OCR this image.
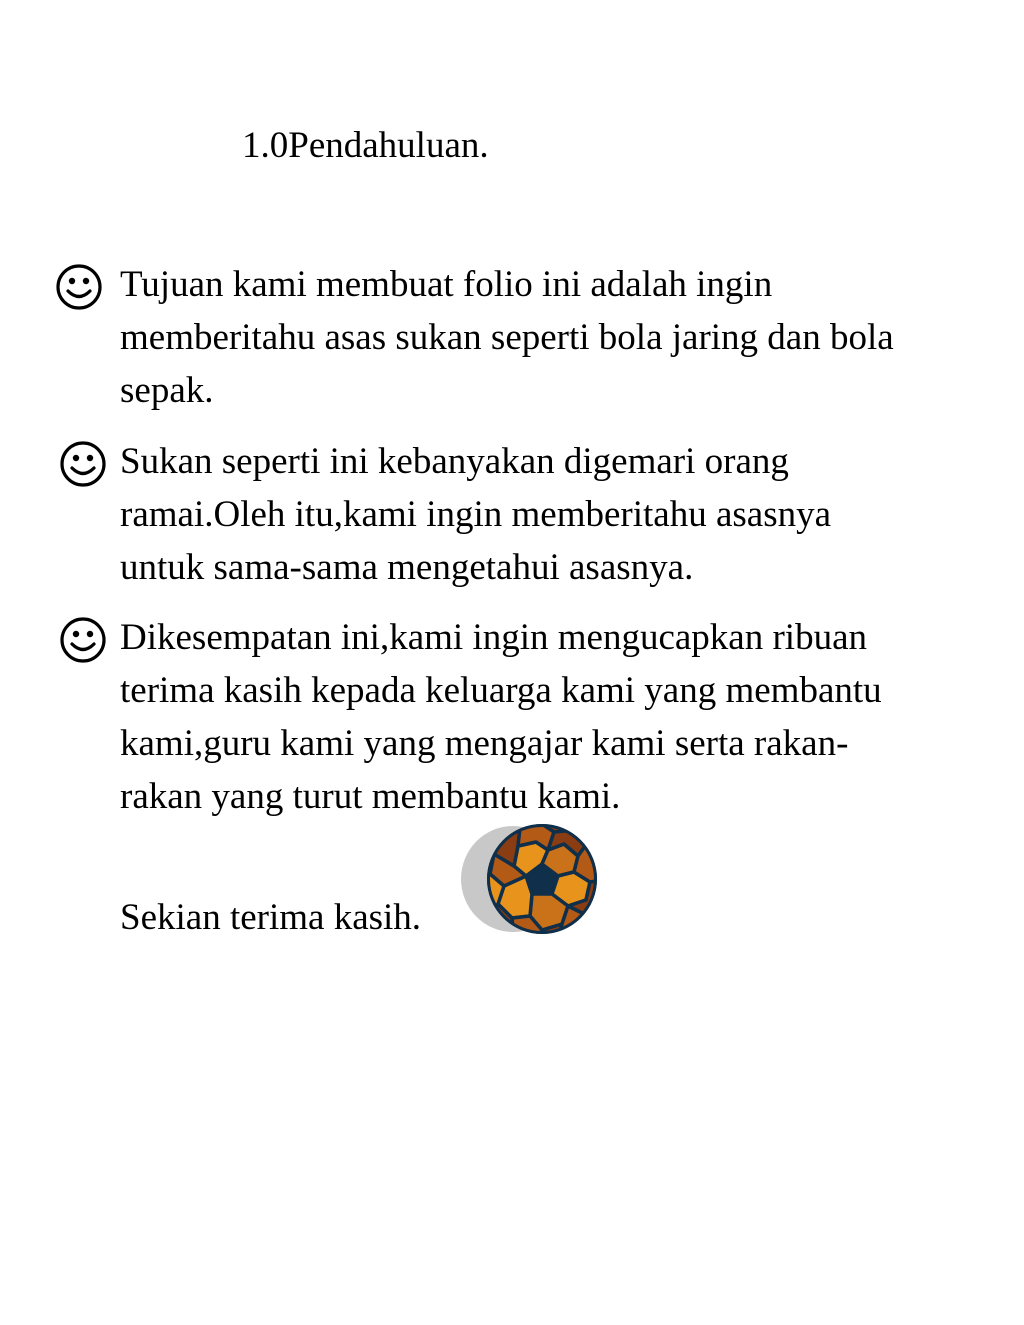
1.0Pendahuluan.
Tujuan kami membuat folio ini adalah ingin memberitahu asas sukan seperti bola jaring dan bola sepak.
Sukan seperti ini kebanyakan digemari orang ramai.Oleh itu,kami ingin memberitahu asasnya untuk sama-sama mengetahui asasnya.
Dikesempatan ini,kami ingin mengucapkan ribuan terima kasih kepada keluarga kami yang membantu kami,guru kami yang mengajar kami serta rakan-rakan yang turut membantu kami.
Sekian terima kasih.
